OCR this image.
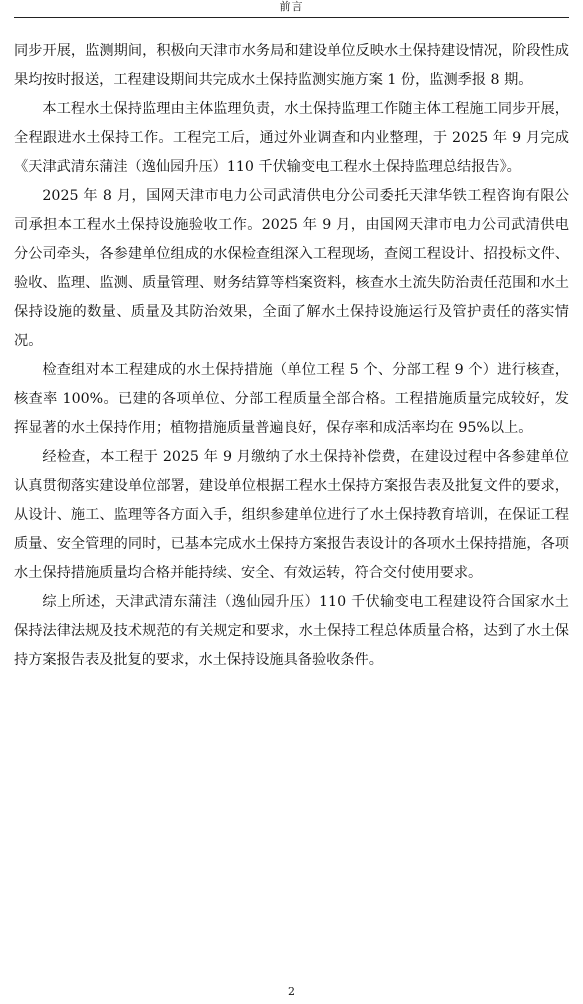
前言

同步开展，监测期间，积极向天津市水务局和建设单位反映水土保持建设情况，阶段性成果均按时报送，工程建设期间共完成水土保持监测实施方案 1 份，监测季报 8 期。

本工程水土保持监理由主体监理负责，水土保持监理工作随主体工程施工同步开展，全程跟进水土保持工作。工程完工后，通过外业调查和内业整理，于 2025 年 9 月完成《天津武清东蒲洼（逸仙园升压）110 千伏输变电工程水土保持监理总结报告》。

2025 年 8 月，国网天津市电力公司武清供电分公司委托天津华铁工程咨询有限公司承担本工程水土保持设施验收工作。2025 年 9 月，由国网天津市电力公司武清供电分公司牵头，各参建单位组成的水保检查组深入工程现场，查阅工程设计、招投标文件、验收、监理、监测、质量管理、财务结算等档案资料，核查水土流失防治责任范围和水土保持设施的数量、质量及其防治效果，全面了解水土保持设施运行及管护责任的落实情况。

检查组对本工程建成的水土保持措施（单位工程 5 个、分部工程 9 个）进行核查，核查率 100%。已建的各项单位、分部工程质量全部合格。工程措施质量完成较好，发挥显著的水土保持作用；植物措施质量普遍良好，保存率和成活率均在 95%以上。

经检查，本工程于 2025 年 9 月缴纳了水土保持补偿费，在建设过程中各参建单位认真贯彻落实建设单位部署，建设单位根据工程水土保持方案报告表及批复文件的要求，从设计、施工、监理等各方面入手，组织参建单位进行了水土保持教育培训，在保证工程质量、安全管理的同时，已基本完成水土保持方案报告表设计的各项水土保持措施，各项水土保持措施质量均合格并能持续、安全、有效运转，符合交付使用要求。

综上所述，天津武清东蒲洼（逸仙园升压）110 千伏输变电工程建设符合国家水土保持法律法规及技术规范的有关规定和要求，水土保持工程总体质量合格，达到了水土保持方案报告表及批复的要求，水土保持设施具备验收条件。

2
